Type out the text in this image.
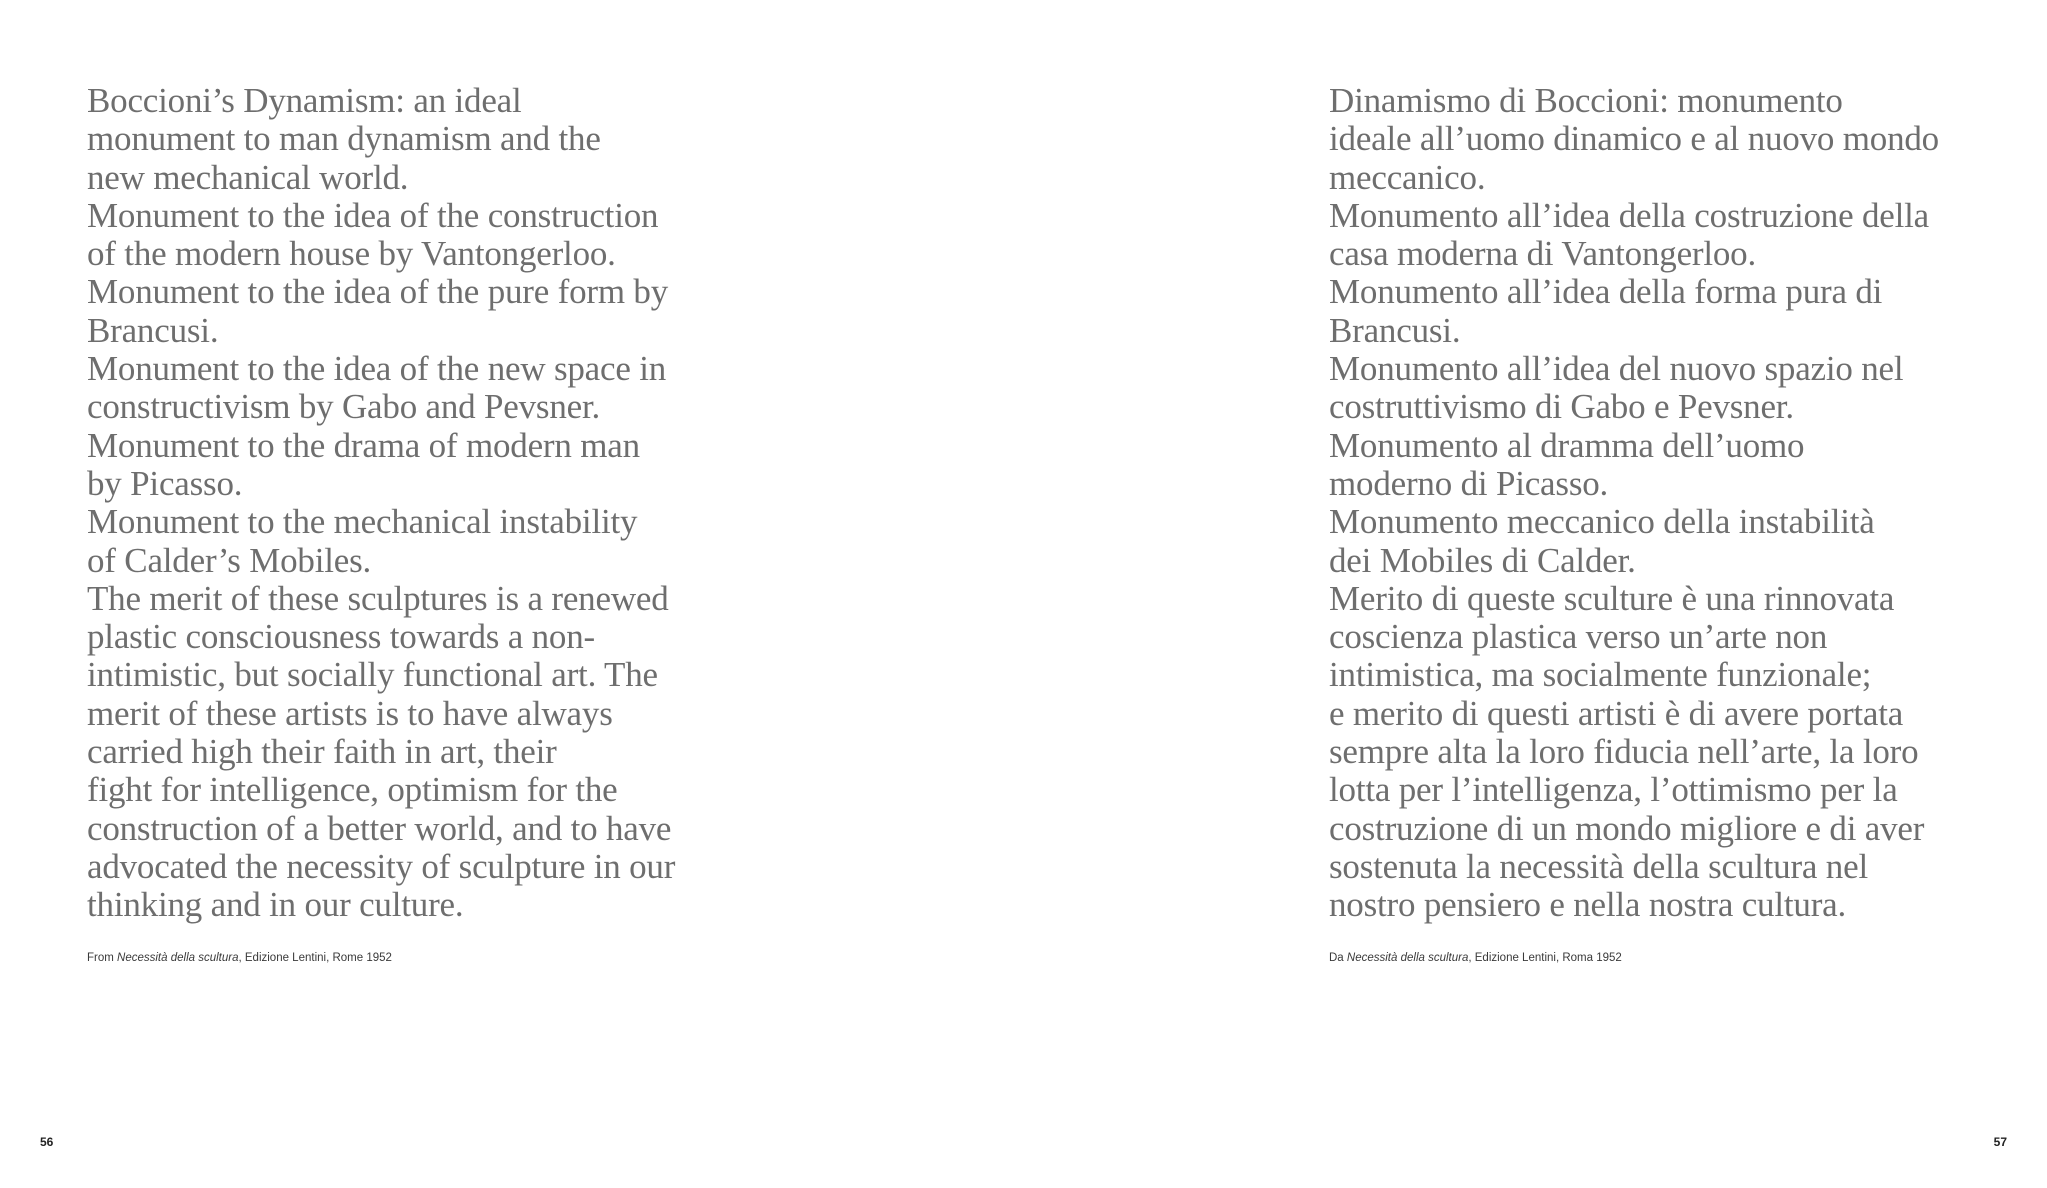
Boccioni’s Dynamism: an ideal
monument to man dynamism and the
new mechanical world.
Monument to the idea of the construction
of the modern house by Vantongerloo.
Monument to the idea of the pure form by
Brancusi.
Monument to the idea of the new space in
constructivism by Gabo and Pevsner.
Monument to the drama of modern man
by Picasso.
Monument to the mechanical instability
of Calder’s Mobiles.
The merit of these sculptures is a renewed
plastic consciousness towards a non-
intimistic, but socially functional art. The
merit of these artists is to have always
carried high their faith in art, their
fight for intelligence, optimism for the
construction of a better world, and to have
advocated the necessity of sculpture in our
thinking and in our culture.
From Necessità della scultura, Edizione Lentini, Rome 1952
56
Dinamismo di Boccioni: monumento
ideale all’uomo dinamico e al nuovo mondo
meccanico.
Monumento all’idea della costruzione della
casa moderna di Vantongerloo.
Monumento all’idea della forma pura di
Brancusi.
Monumento all’idea del nuovo spazio nel
costruttivismo di Gabo e Pevsner.
Monumento al dramma dell’uomo
moderno di Picasso.
Monumento meccanico della instabilità
dei Mobiles di Calder.
Merito di queste sculture è una rinnovata
coscienza plastica verso un’arte non
intimistica, ma socialmente funzionale;
e merito di questi artisti è di avere portata
sempre alta la loro fiducia nell’arte, la loro
lotta per l’intelligenza, l’ottimismo per la
costruzione di un mondo migliore e di aver
sostenuta la necessità della scultura nel
nostro pensiero e nella nostra cultura.
Da Necessità della scultura, Edizione Lentini, Roma 1952
57
